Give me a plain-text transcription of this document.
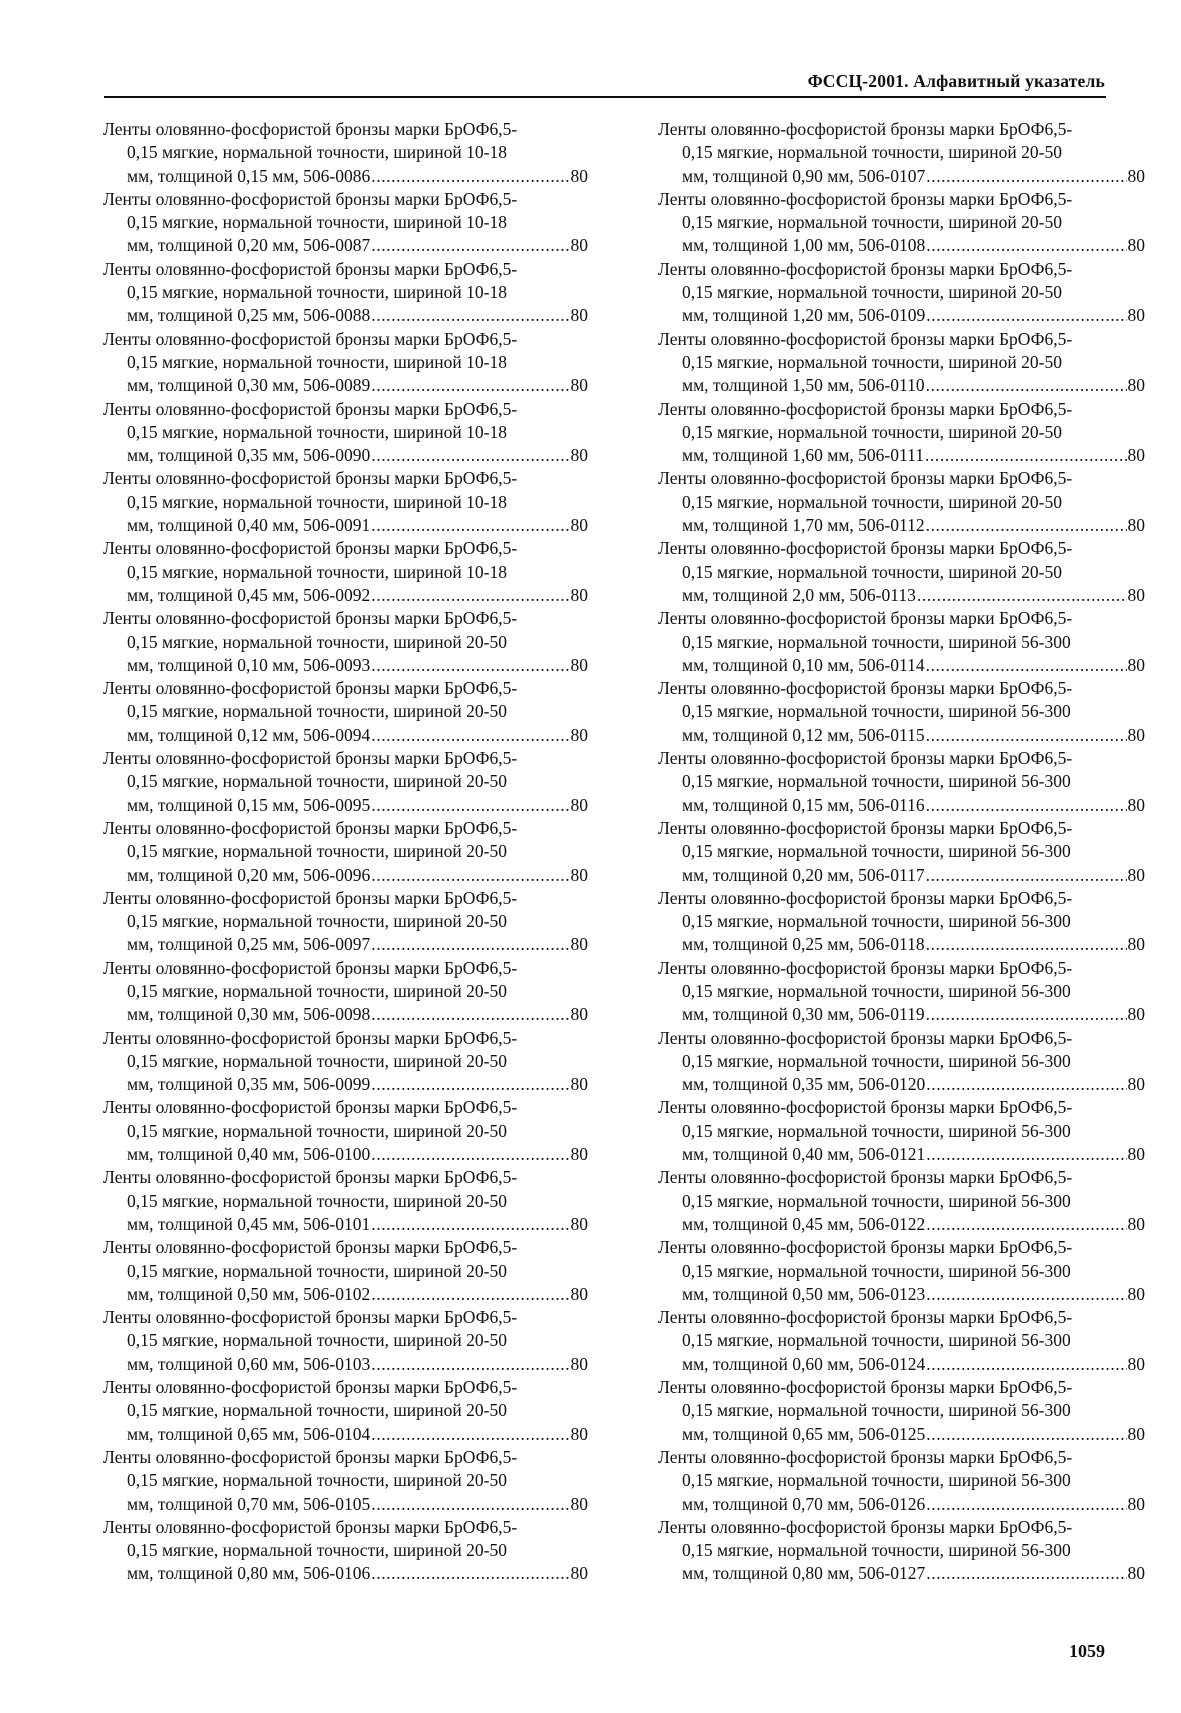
ФССЦ-2001. Алфавитный указатель
Ленты оловянно-фосфористой бронзы марки БрОФ6,5-
0,15 мягкие, нормальной точности, шириной 10-18
мм, толщиной 0,15 мм, 506-0086 .....	80
Ленты оловянно-фосфористой бронзы марки БрОФ6,5-
0,15 мягкие, нормальной точности, шириной 10-18
мм, толщиной 0,20 мм, 506-0087 .....	80
Ленты оловянно-фосфористой бронзы марки БрОФ6,5-
0,15 мягкие, нормальной точности, шириной 10-18
мм, толщиной 0,25 мм, 506-0088 .....	80
Ленты оловянно-фосфористой бронзы марки БрОФ6,5-
0,15 мягкие, нормальной точности, шириной 10-18
мм, толщиной 0,30 мм, 506-0089 .....	80
Ленты оловянно-фосфористой бронзы марки БрОФ6,5-
0,15 мягкие, нормальной точности, шириной 10-18
мм, толщиной 0,35 мм, 506-0090 .....	80
Ленты оловянно-фосфористой бронзы марки БрОФ6,5-
0,15 мягкие, нормальной точности, шириной 10-18
мм, толщиной 0,40 мм, 506-0091 .....	80
Ленты оловянно-фосфористой бронзы марки БрОФ6,5-
0,15 мягкие, нормальной точности, шириной 10-18
мм, толщиной 0,45 мм, 506-0092 .....	80
Ленты оловянно-фосфористой бронзы марки БрОФ6,5-
0,15 мягкие, нормальной точности, шириной 20-50
мм, толщиной 0,10 мм, 506-0093 .....	80
Ленты оловянно-фосфористой бронзы марки БрОФ6,5-
0,15 мягкие, нормальной точности, шириной 20-50
мм, толщиной 0,12 мм, 506-0094 .....	80
Ленты оловянно-фосфористой бронзы марки БрОФ6,5-
0,15 мягкие, нормальной точности, шириной 20-50
мм, толщиной 0,15 мм, 506-0095 .....	80
Ленты оловянно-фосфористой бронзы марки БрОФ6,5-
0,15 мягкие, нормальной точности, шириной 20-50
мм, толщиной 0,20 мм, 506-0096 .....	80
Ленты оловянно-фосфористой бронзы марки БрОФ6,5-
0,15 мягкие, нормальной точности, шириной 20-50
мм, толщиной 0,25 мм, 506-0097 .....	80
Ленты оловянно-фосфористой бронзы марки БрОФ6,5-
0,15 мягкие, нормальной точности, шириной 20-50
мм, толщиной 0,30 мм, 506-0098 .....	80
Ленты оловянно-фосфористой бронзы марки БрОФ6,5-
0,15 мягкие, нормальной точности, шириной 20-50
мм, толщиной 0,35 мм, 506-0099 .....	80
Ленты оловянно-фосфористой бронзы марки БрОФ6,5-
0,15 мягкие, нормальной точности, шириной 20-50
мм, толщиной 0,40 мм, 506-0100 .....	80
Ленты оловянно-фосфористой бронзы марки БрОФ6,5-
0,15 мягкие, нормальной точности, шириной 20-50
мм, толщиной 0,45 мм, 506-0101 .....	80
Ленты оловянно-фосфористой бронзы марки БрОФ6,5-
0,15 мягкие, нормальной точности, шириной 20-50
мм, толщиной 0,50 мм, 506-0102 .....	80
Ленты оловянно-фосфористой бронзы марки БрОФ6,5-
0,15 мягкие, нормальной точности, шириной 20-50
мм, толщиной 0,60 мм, 506-0103 .....	80
Ленты оловянно-фосфористой бронзы марки БрОФ6,5-
0,15 мягкие, нормальной точности, шириной 20-50
мм, толщиной 0,65 мм, 506-0104 .....	80
Ленты оловянно-фосфористой бронзы марки БрОФ6,5-
0,15 мягкие, нормальной точности, шириной 20-50
мм, толщиной 0,70 мм, 506-0105 .....	80
Ленты оловянно-фосфористой бронзы марки БрОФ6,5-
0,15 мягкие, нормальной точности, шириной 20-50
мм, толщиной 0,80 мм, 506-0106 .....	80
Ленты оловянно-фосфористой бронзы марки БрОФ6,5-
0,15 мягкие, нормальной точности, шириной 20-50
мм, толщиной 0,90 мм, 506-0107 .....	80
Ленты оловянно-фосфористой бронзы марки БрОФ6,5-
0,15 мягкие, нормальной точности, шириной 20-50
мм, толщиной 1,00 мм, 506-0108 .....	80
Ленты оловянно-фосфористой бронзы марки БрОФ6,5-
0,15 мягкие, нормальной точности, шириной 20-50
мм, толщиной 1,20 мм, 506-0109 .....	80
Ленты оловянно-фосфористой бронзы марки БрОФ6,5-
0,15 мягкие, нормальной точности, шириной 20-50
мм, толщиной 1,50 мм, 506-0110 .....	80
Ленты оловянно-фосфористой бронзы марки БрОФ6,5-
0,15 мягкие, нормальной точности, шириной 20-50
мм, толщиной 1,60 мм, 506-0111 .....	80
Ленты оловянно-фосфористой бронзы марки БрОФ6,5-
0,15 мягкие, нормальной точности, шириной 20-50
мм, толщиной 1,70 мм, 506-0112 .....	80
Ленты оловянно-фосфористой бронзы марки БрОФ6,5-
0,15 мягкие, нормальной точности, шириной 20-50
мм, толщиной 2,0 мм, 506-0113 .....	80
Ленты оловянно-фосфористой бронзы марки БрОФ6,5-
0,15 мягкие, нормальной точности, шириной 56-300
мм, толщиной 0,10 мм, 506-0114 .....	80
Ленты оловянно-фосфористой бронзы марки БрОФ6,5-
0,15 мягкие, нормальной точности, шириной 56-300
мм, толщиной 0,12 мм, 506-0115 .....	80
Ленты оловянно-фосфористой бронзы марки БрОФ6,5-
0,15 мягкие, нормальной точности, шириной 56-300
мм, толщиной 0,15 мм, 506-0116 .....	80
Ленты оловянно-фосфористой бронзы марки БрОФ6,5-
0,15 мягкие, нормальной точности, шириной 56-300
мм, толщиной 0,20 мм, 506-0117 .....	80
Ленты оловянно-фосфористой бронзы марки БрОФ6,5-
0,15 мягкие, нормальной точности, шириной 56-300
мм, толщиной 0,25 мм, 506-0118 .....	80
Ленты оловянно-фосфористой бронзы марки БрОФ6,5-
0,15 мягкие, нормальной точности, шириной 56-300
мм, толщиной 0,30 мм, 506-0119 .....	80
Ленты оловянно-фосфористой бронзы марки БрОФ6,5-
0,15 мягкие, нормальной точности, шириной 56-300
мм, толщиной 0,35 мм, 506-0120 .....	80
Ленты оловянно-фосфористой бронзы марки БрОФ6,5-
0,15 мягкие, нормальной точности, шириной 56-300
мм, толщиной 0,40 мм, 506-0121 .....	80
Ленты оловянно-фосфористой бронзы марки БрОФ6,5-
0,15 мягкие, нормальной точности, шириной 56-300
мм, толщиной 0,45 мм, 506-0122 .....	80
Ленты оловянно-фосфористой бронзы марки БрОФ6,5-
0,15 мягкие, нормальной точности, шириной 56-300
мм, толщиной 0,50 мм, 506-0123 .....	80
Ленты оловянно-фосфористой бронзы марки БрОФ6,5-
0,15 мягкие, нормальной точности, шириной 56-300
мм, толщиной 0,60 мм, 506-0124 .....	80
Ленты оловянно-фосфористой бронзы марки БрОФ6,5-
0,15 мягкие, нормальной точности, шириной 56-300
мм, толщиной 0,65 мм, 506-0125 .....	80
Ленты оловянно-фосфористой бронзы марки БрОФ6,5-
0,15 мягкие, нормальной точности, шириной 56-300
мм, толщиной 0,70 мм, 506-0126 .....	80
Ленты оловянно-фосфористой бронзы марки БрОФ6,5-
0,15 мягкие, нормальной точности, шириной 56-300
мм, толщиной 0,80 мм, 506-0127 .....	80
1059
